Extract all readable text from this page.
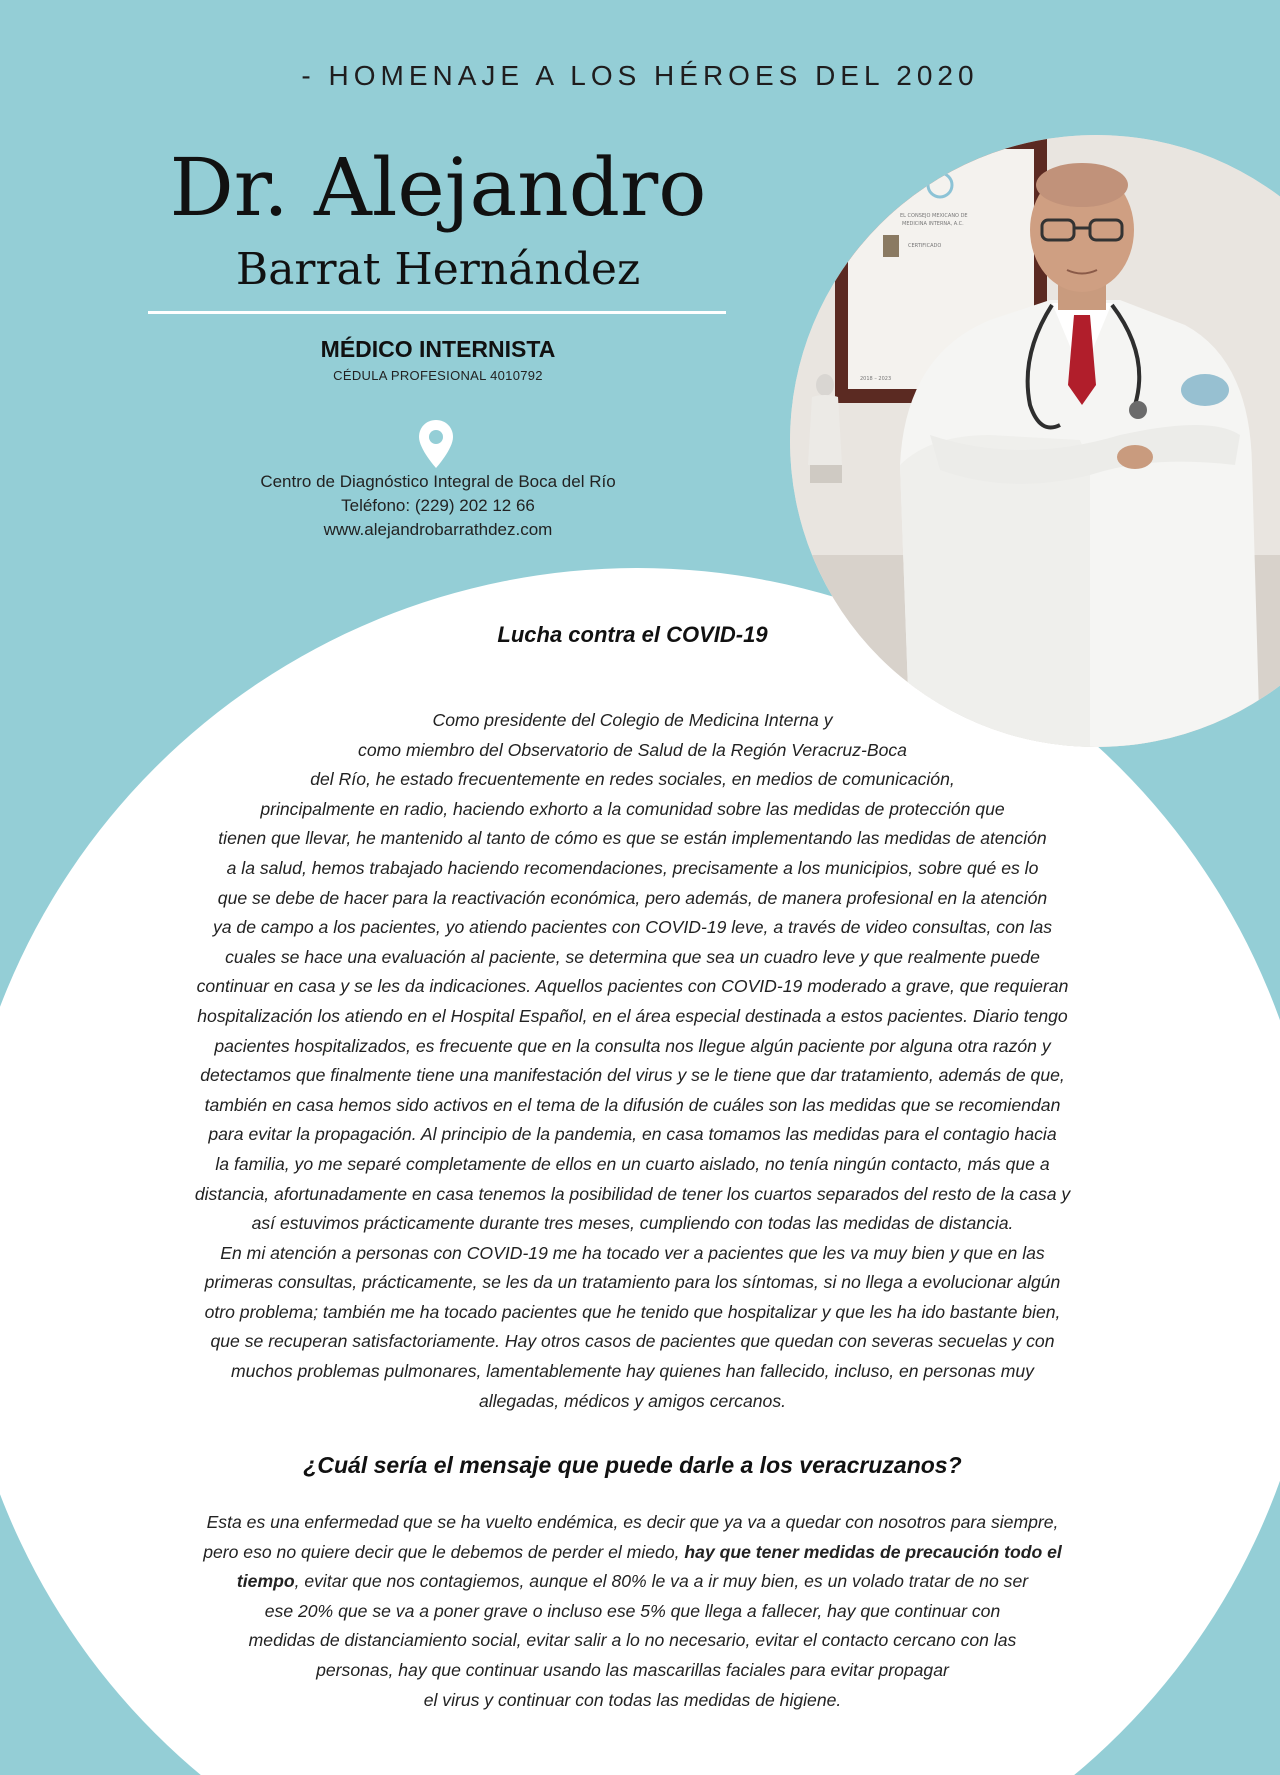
- HOMENAJE A LOS HÉROES DEL 2020
Dr. Alejandro
Barrat Hernández
MÉDICO INTERNISTA
CÉDULA PROFESIONAL 4010792
Centro de Diagnóstico Integral de Boca del Río
Teléfono: (229) 202 12 66
www.alejandrobarrathdez.com
CONACEM
EL CONSEJO MEXICANO DE
MEDICINA INTERNA, A.C.
CERTIFICADO
2018 – 2023
Lucha contra el COVID-19
Como presidente del Colegio de Medicina Interna y
como miembro del Observatorio de Salud de la Región Veracruz-Boca
del Río, he estado frecuentemente en redes sociales, en medios de comunicación,
principalmente en radio, haciendo exhorto a la comunidad sobre las medidas de protección que
tienen que llevar, he mantenido al tanto de cómo es que se están implementando las medidas de atención
a la salud, hemos trabajado haciendo recomendaciones, precisamente a los municipios, sobre qué es lo
que se debe de hacer para la reactivación económica, pero además, de manera profesional en la atención
ya de campo a los pacientes, yo atiendo pacientes con COVID-19 leve, a través de video consultas, con las
cuales se hace una evaluación al paciente, se determina que sea un cuadro leve y que realmente puede
continuar en casa y se les da indicaciones. Aquellos pacientes con COVID-19 moderado a grave, que requieran
hospitalización los atiendo en el Hospital Español, en el área especial destinada a estos pacientes. Diario tengo
pacientes hospitalizados, es frecuente que en la consulta nos llegue algún paciente por alguna otra razón y
detectamos que finalmente tiene una manifestación del virus y se le tiene que dar tratamiento, además de que,
también en casa hemos sido activos en el tema de la difusión de cuáles son las medidas que se recomiendan
para evitar la propagación. Al principio de la pandemia, en casa tomamos las medidas para el contagio hacia
la familia, yo me separé completamente de ellos en un cuarto aislado, no tenía ningún contacto, más que a
distancia, afortunadamente en casa tenemos la posibilidad de tener los cuartos separados del resto de la casa y
así estuvimos prácticamente durante tres meses, cumpliendo con todas las medidas de distancia.
En mi atención a personas con COVID-19 me ha tocado ver a pacientes que les va muy bien y que en las
primeras consultas, prácticamente, se les da un tratamiento para los síntomas, si no llega a evolucionar algún
otro problema; también me ha tocado pacientes que he tenido que hospitalizar y que les ha ido bastante bien,
que se recuperan satisfactoriamente. Hay otros casos de pacientes que quedan con severas secuelas y con
muchos problemas pulmonares, lamentablemente hay quienes han fallecido, incluso, en personas muy
allegadas, médicos y amigos cercanos.
¿Cuál sería el mensaje que puede darle a los veracruzanos?
Esta es una enfermedad que se ha vuelto endémica, es decir que ya va a quedar con nosotros para siempre,
pero eso no quiere decir que le debemos de perder el miedo, hay que tener medidas de precaución todo el
tiempo, evitar que nos contagiemos, aunque el 80% le va a ir muy bien, es un volado tratar de no ser
ese 20% que se va a poner grave o incluso ese 5% que llega a fallecer, hay que continuar con
medidas de distanciamiento social, evitar salir a lo no necesario, evitar el contacto cercano con las
personas, hay que continuar usando las mascarillas faciales para evitar propagar
el virus y continuar con todas las medidas de higiene.
